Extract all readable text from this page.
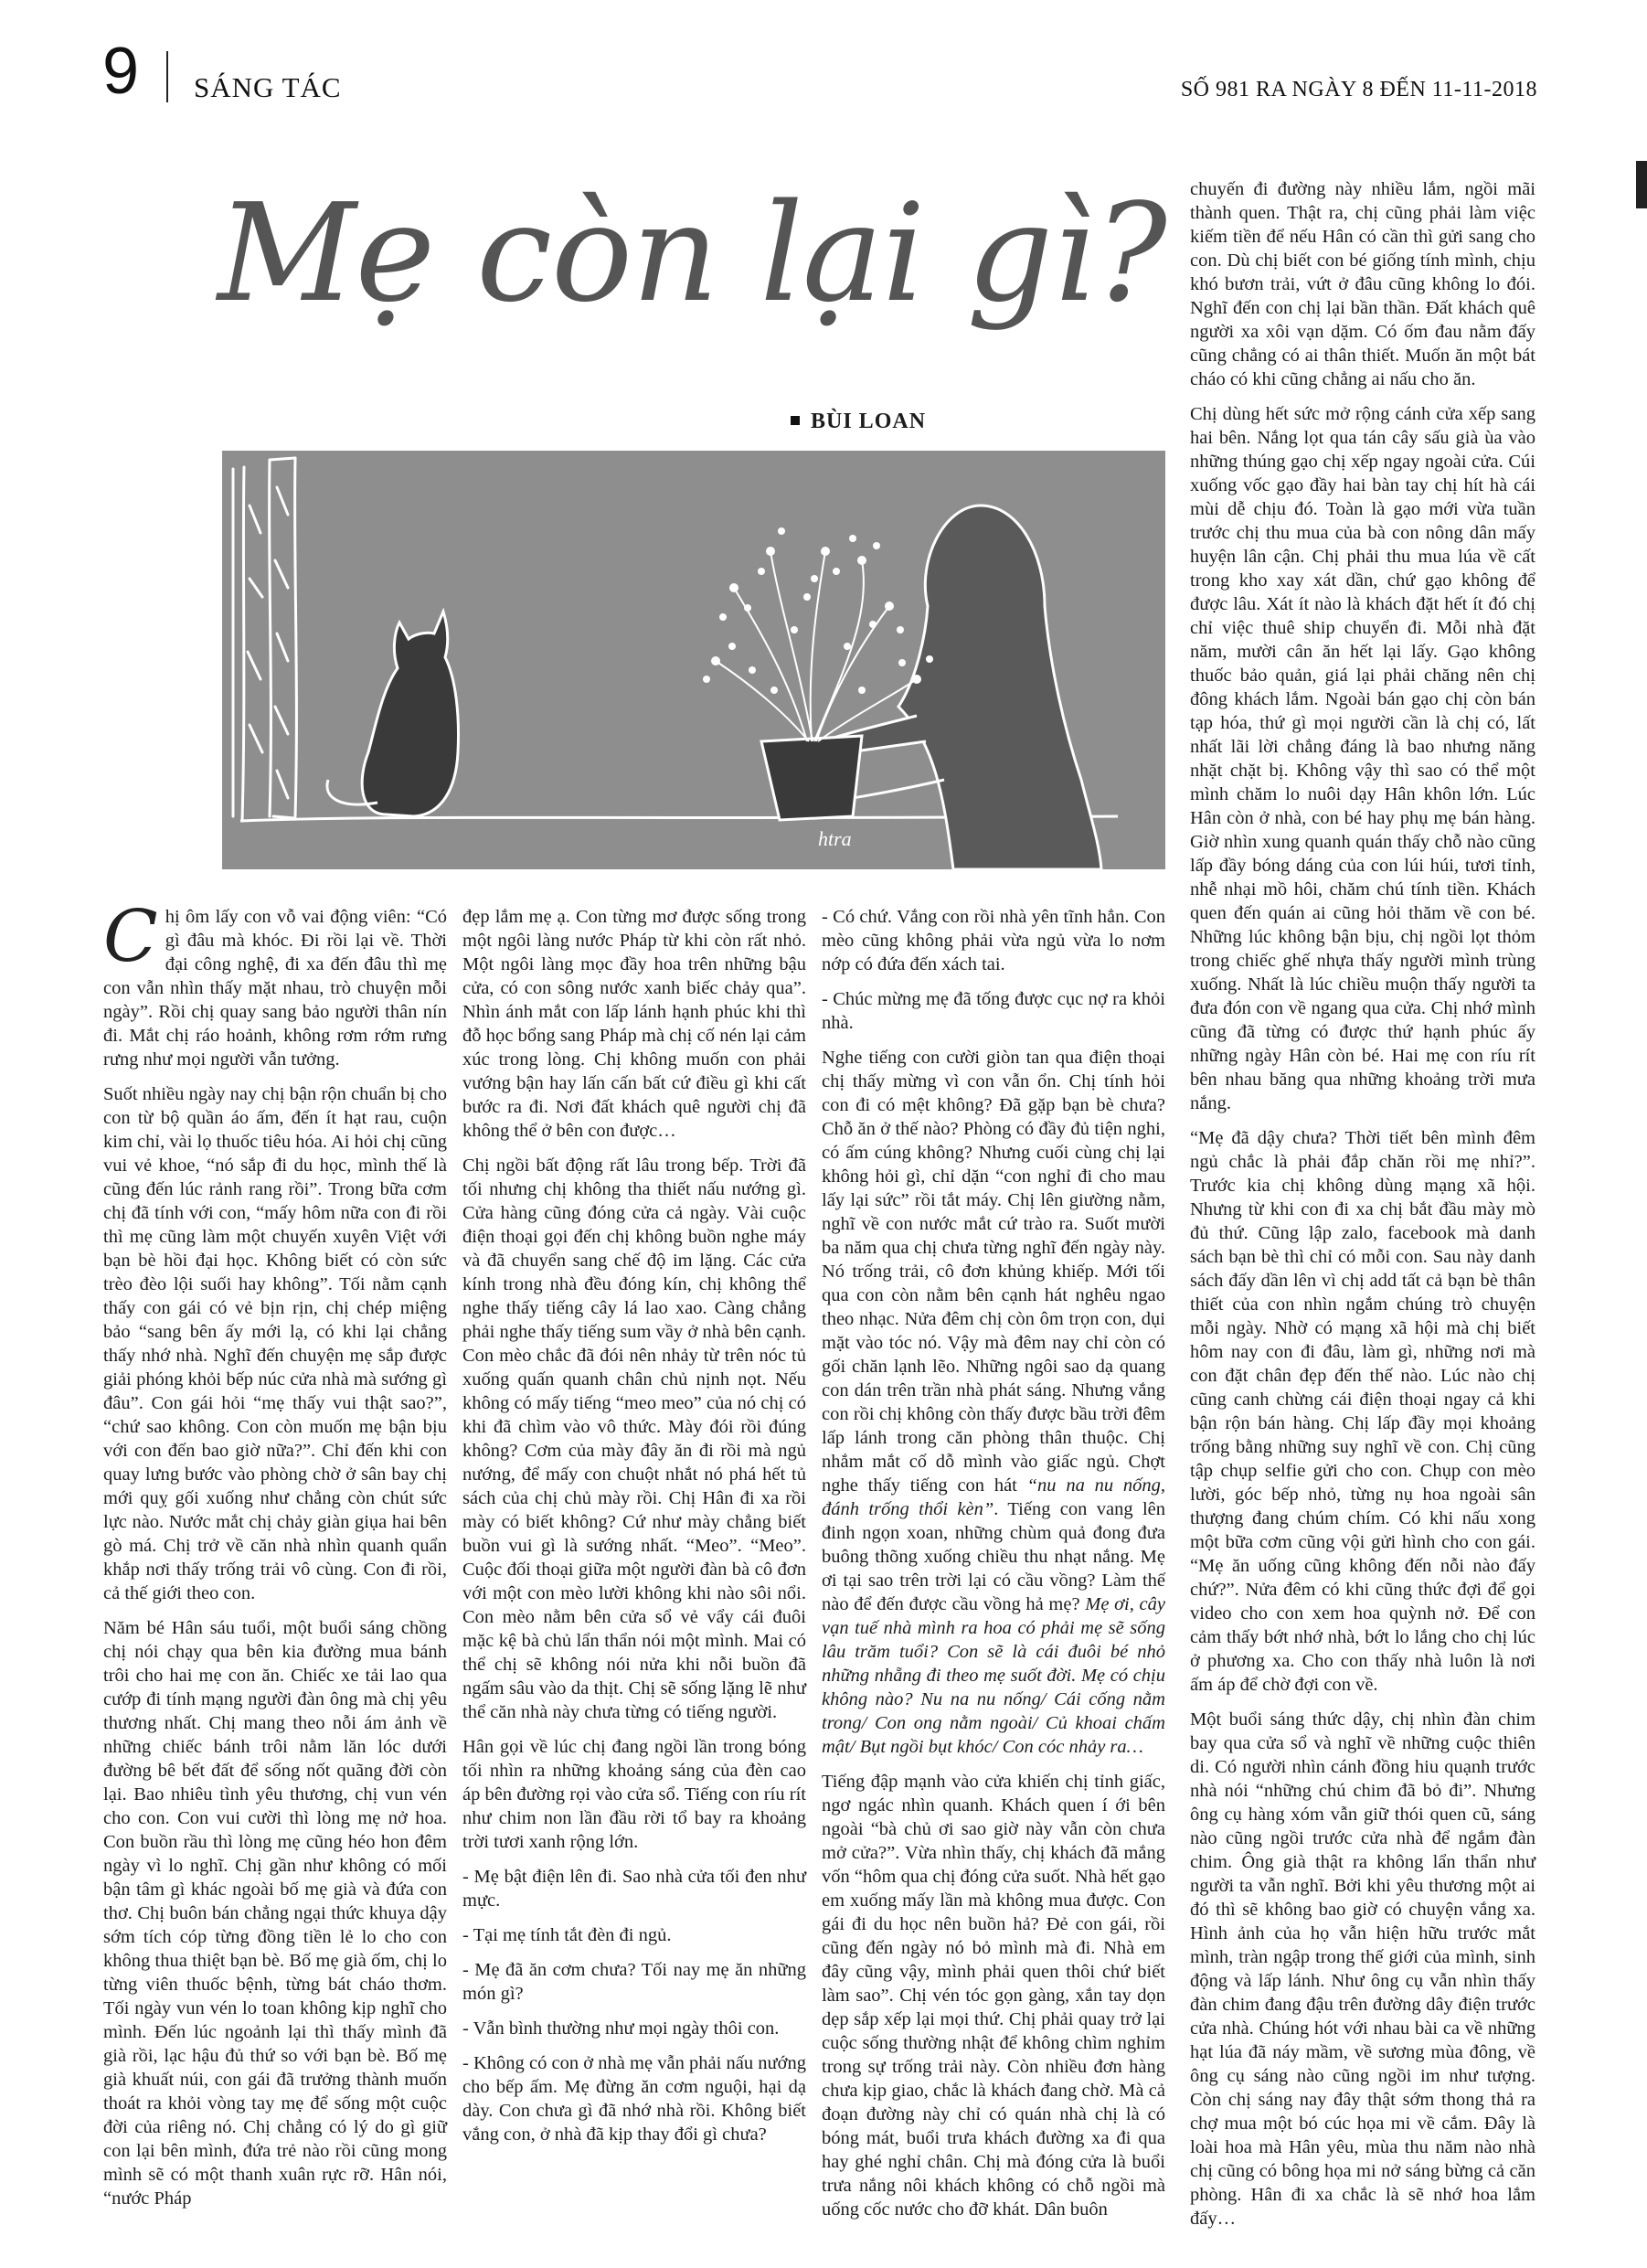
9 SÁNG TÁC	SỐ 981 RA NGÀY 8 ĐẾN 11-11-2018
Mẹ còn lại gì?
BÙI LOAN
htra

Chị ôm lấy con vỗ vai động viên: “Có gì đâu mà khóc. Đi rồi lại về. Thời đại công nghệ, đi xa đến đâu thì mẹ con vẫn nhìn thấy mặt nhau, trò chuyện mỗi ngày”. Rồi chị quay sang bảo người thân nín đi. Mắt chị ráo hoảnh, không rơm rớm rưng rưng như mọi người vẫn tưởng.

Suốt nhiều ngày nay chị bận rộn chuẩn bị cho con từ bộ quần áo ấm, đến ít hạt rau, cuộn kim chỉ, vài lọ thuốc tiêu hóa. Ai hỏi chị cũng vui vẻ khoe, “nó sắp đi du học, mình thế là cũng đến lúc rảnh rang rồi”. Trong bữa cơm chị đã tính với con, “mấy hôm nữa con đi rồi thì mẹ cũng làm một chuyến xuyên Việt với bạn bè hồi đại học. Không biết có còn sức trèo đèo lội suối hay không”. Tối nằm cạnh thấy con gái có vẻ bịn rịn, chị chép miệng bảo “sang bên ấy mới lạ, có khi lại chẳng thấy nhớ nhà. Nghĩ đến chuyện mẹ sắp được giải phóng khỏi bếp núc cửa nhà mà sướng gì đâu”. Con gái hỏi “mẹ thấy vui thật sao?”, “chứ sao không. Con còn muốn mẹ bận bịu với con đến bao giờ nữa?”. Chỉ đến khi con quay lưng bước vào phòng chờ ở sân bay chị mới quỵ gối xuống như chẳng còn chút sức lực nào. Nước mắt chị chảy giàn giụa hai bên gò má. Chị trở về căn nhà nhìn quanh quẩn khắp nơi thấy trống trải vô cùng. Con đi rồi, cả thế giới theo con.

Năm bé Hân sáu tuổi, một buổi sáng chồng chị nói chạy qua bên kia đường mua bánh trôi cho hai mẹ con ăn. Chiếc xe tải lao qua cướp đi tính mạng người đàn ông mà chị yêu thương nhất. Chị mang theo nỗi ám ảnh về những chiếc bánh trôi nằm lăn lóc dưới đường bê bết đất để sống nốt quãng đời còn lại. Bao nhiêu tình yêu thương, chị vun vén cho con. Con vui cười thì lòng mẹ nở hoa. Con buồn rầu thì lòng mẹ cũng héo hon đêm ngày vì lo nghĩ. Chị gần như không có mối bận tâm gì khác ngoài bố mẹ già và đứa con thơ. Chị buôn bán chẳng ngại thức khuya dậy sớm tích cóp từng đồng tiền lẻ lo cho con không thua thiệt bạn bè. Bố mẹ già ốm, chị lo từng viên thuốc bệnh, từng bát cháo thơm. Tối ngày vun vén lo toan không kịp nghĩ cho mình. Đến lúc ngoảnh lại thì thấy mình đã già rồi, lạc hậu đủ thứ so với bạn bè. Bố mẹ già khuất núi, con gái đã trưởng thành muốn thoát ra khỏi vòng tay mẹ để sống một cuộc đời của riêng nó. Chị chẳng có lý do gì giữ con lại bên mình, đứa trẻ nào rồi cũng mong mình sẽ có một thanh xuân rực rỡ. Hân nói, “nước Pháp

đẹp lắm mẹ ạ. Con từng mơ được sống trong một ngôi làng nước Pháp từ khi còn rất nhỏ. Một ngôi làng mọc đầy hoa trên những bậu cửa, có con sông nước xanh biếc chảy qua”. Nhìn ánh mắt con lấp lánh hạnh phúc khi thì đỗ học bổng sang Pháp mà chị cố nén lại cảm xúc trong lòng. Chị không muốn con phải vướng bận hay lấn cấn bất cứ điều gì khi cất bước ra đi. Nơi đất khách quê người chị đã không thể ở bên con được…

Chị ngồi bất động rất lâu trong bếp. Trời đã tối nhưng chị không tha thiết nấu nướng gì. Cửa hàng cũng đóng cửa cả ngày. Vài cuộc điện thoại gọi đến chị không buồn nghe máy và đã chuyển sang chế độ im lặng. Các cửa kính trong nhà đều đóng kín, chị không thể nghe thấy tiếng cây lá lao xao. Càng chẳng phải nghe thấy tiếng sum vầy ở nhà bên cạnh. Con mèo chắc đã đói nên nhảy từ trên nóc tủ xuống quấn quanh chân chủ nịnh nọt. Nếu không có mấy tiếng “meo meo” của nó chị có khi đã chìm vào vô thức. Mày đói rồi đúng không? Cơm của mày đây ăn đi rồi mà ngủ nướng, để mấy con chuột nhắt nó phá hết tủ sách của chị chủ mày rồi. Chị Hân đi xa rồi mày có biết không? Cứ như mày chẳng biết buồn vui gì là sướng nhất. “Meo”. “Meo”. Cuộc đối thoại giữa một người đàn bà cô đơn với một con mèo lười không khi nào sôi nổi. Con mèo nằm bên cửa sổ vẻ vẩy cái đuôi mặc kệ bà chủ lẩn thẩn nói một mình. Mai có thể chị sẽ không nói nửa khi nỗi buồn đã ngấm sâu vào da thịt. Chị sẽ sống lặng lẽ như thể căn nhà này chưa từng có tiếng người.

Hân gọi về lúc chị đang ngồi lần trong bóng tối nhìn ra những khoảng sáng của đèn cao áp bên đường rọi vào cửa sổ. Tiếng con ríu rít như chim non lần đầu rời tổ bay ra khoảng trời tươi xanh rộng lớn.

- Mẹ bật điện lên đi. Sao nhà cửa tối đen như mực.

- Tại mẹ tính tắt đèn đi ngủ.

- Mẹ đã ăn cơm chưa? Tối nay mẹ ăn những món gì?

- Vẫn bình thường như mọi ngày thôi con.

- Không có con ở nhà mẹ vẫn phải nấu nướng cho bếp ấm. Mẹ đừng ăn cơm nguội, hại dạ dày. Con chưa gì đã nhớ nhà rồi. Không biết vắng con, ở nhà đã kịp thay đổi gì chưa?

- Có chứ. Vắng con rồi nhà yên tĩnh hẳn. Con mèo cũng không phải vừa ngủ vừa lo nơm nớp có đứa đến xách tai.

- Chúc mừng mẹ đã tống được cục nợ ra khỏi nhà.

Nghe tiếng con cười giòn tan qua điện thoại chị thấy mừng vì con vẫn ổn. Chị tính hỏi con đi có mệt không? Đã gặp bạn bè chưa? Chỗ ăn ở thế nào? Phòng có đầy đủ tiện nghi, có ấm cúng không? Nhưng cuối cùng chị lại không hỏi gì, chỉ dặn “con nghỉ đi cho mau lấy lại sức” rồi tắt máy. Chị lên giường nằm, nghĩ về con nước mắt cứ trào ra. Suốt mười ba năm qua chị chưa từng nghĩ đến ngày này. Nó trống trải, cô đơn khủng khiếp. Mới tối qua con còn nằm bên cạnh hát nghêu ngao theo nhạc. Nửa đêm chị còn ôm trọn con, dụi mặt vào tóc nó. Vậy mà đêm nay chỉ còn có gối chăn lạnh lẽo. Những ngôi sao dạ quang con dán trên trần nhà phát sáng. Nhưng vắng con rồi chị không còn thấy được bầu trời đêm lấp lánh trong căn phòng thân thuộc. Chị nhắm mắt cố dỗ mình vào giấc ngủ. Chợt nghe thấy tiếng con hát “nu na nu nống, đánh trống thổi kèn”. Tiếng con vang lên đinh ngọn xoan, những chùm quả đong đưa buông thõng xuống chiều thu nhạt nắng. Mẹ ơi tại sao trên trời lại có cầu vồng? Làm thế nào để đến được cầu vồng hả mẹ? Mẹ ơi, cây vạn tuế nhà mình ra hoa có phải mẹ sẽ sống lâu trăm tuổi? Con sẽ là cái đuôi bé nhỏ những nhẵng đi theo mẹ suốt đời. Mẹ có chịu không nào? Nu na nu nống/ Cái cống nằm trong/ Con ong nằm ngoài/ Củ khoai chấm mật/ Bụt ngồi bụt khóc/ Con cóc nhảy ra…

Tiếng đập mạnh vào cửa khiến chị tỉnh giấc, ngơ ngác nhìn quanh. Khách quen í ới bên ngoài “bà chủ ơi sao giờ này vẫn còn chưa mở cửa?”. Vừa nhìn thấy, chị khách đã mắng vốn “hôm qua chị đóng cửa suốt. Nhà hết gạo em xuống mấy lần mà không mua được. Con gái đi du học nên buồn hả? Đẻ con gái, rồi cũng đến ngày nó bỏ mình mà đi. Nhà em đây cũng vậy, mình phải quen thôi chứ biết làm sao”. Chị vén tóc gọn gàng, xắn tay dọn dẹp sắp xếp lại mọi thứ. Chị phải quay trở lại cuộc sống thường nhật để không chìm nghỉm trong sự trống trải này. Còn nhiều đơn hàng chưa kịp giao, chắc là khách đang chờ. Mà cả đoạn đường này chỉ có quán nhà chị là có bóng mát, buổi trưa khách đường xa đi qua hay ghé nghỉ chân. Chị mà đóng cửa là buổi trưa nắng nôi khách không có chỗ ngồi mà uống cốc nước cho đỡ khát. Dân buôn

chuyến đi đường này nhiều lắm, ngồi mãi thành quen. Thật ra, chị cũng phải làm việc kiếm tiền để nếu Hân có cần thì gửi sang cho con. Dù chị biết con bé giống tính mình, chịu khó bươn trải, vứt ở đâu cũng không lo đói. Nghĩ đến con chị lại bần thần. Đất khách quê người xa xôi vạn dặm. Có ốm đau nằm đấy cũng chẳng có ai thân thiết. Muốn ăn một bát cháo có khi cũng chẳng ai nấu cho ăn.

Chị dùng hết sức mở rộng cánh cửa xếp sang hai bên. Nắng lọt qua tán cây sấu già ùa vào những thúng gạo chị xếp ngay ngoài cửa. Cúi xuống vốc gạo đầy hai bàn tay chị hít hà cái mùi dễ chịu đó. Toàn là gạo mới vừa tuần trước chị thu mua của bà con nông dân mấy huyện lân cận. Chị phải thu mua lúa về cất trong kho xay xát dần, chứ gạo không để được lâu. Xát ít nào là khách đặt hết ít đó chị chỉ việc thuê ship chuyển đi. Mỗi nhà đặt năm, mười cân ăn hết lại lấy. Gạo không thuốc bảo quản, giá lại phải chăng nên chị đông khách lắm. Ngoài bán gạo chị còn bán tạp hóa, thứ gì mọi người cần là chị có, lất nhất lãi lời chẳng đáng là bao nhưng năng nhặt chặt bị. Không vậy thì sao có thể một mình chăm lo nuôi dạy Hân khôn lớn. Lúc Hân còn ở nhà, con bé hay phụ mẹ bán hàng. Giờ nhìn xung quanh quán thấy chỗ nào cũng lấp đầy bóng dáng của con lúi húi, tươi tỉnh, nhễ nhại mồ hôi, chăm chú tính tiền. Khách quen đến quán ai cũng hỏi thăm về con bé. Những lúc không bận bịu, chị ngồi lọt thỏm trong chiếc ghế nhựa thấy người mình trùng xuống. Nhất là lúc chiều muộn thấy người ta đưa đón con về ngang qua cửa. Chị nhớ mình cũng đã từng có được thứ hạnh phúc ấy những ngày Hân còn bé. Hai mẹ con ríu rít bên nhau băng qua những khoảng trời mưa nắng.

“Mẹ đã dậy chưa? Thời tiết bên mình đêm ngủ chắc là phải đắp chăn rồi mẹ nhỉ?”. Trước kia chị không dùng mạng xã hội. Nhưng từ khi con đi xa chị bắt đầu mày mò đủ thứ. Cũng lập zalo, facebook mà danh sách bạn bè thì chỉ có mỗi con. Sau này danh sách đấy dần lên vì chị add tất cả bạn bè thân thiết của con nhìn ngắm chúng trò chuyện mỗi ngày. Nhờ có mạng xã hội mà chị biết hôm nay con đi đâu, làm gì, những nơi mà con đặt chân đẹp đến thế nào. Lúc nào chị cũng canh chừng cái điện thoại ngay cả khi bận rộn bán hàng. Chị lấp đầy mọi khoảng trống bằng những suy nghĩ về con. Chị cũng tập chụp selfie gửi cho con. Chụp con mèo lười, góc bếp nhỏ, từng nụ hoa ngoài sân thượng đang chúm chím. Có khi nấu xong một bữa cơm cũng vội gửi hình cho con gái. “Mẹ ăn uống cũng không đến nỗi nào đấy chứ?”. Nửa đêm có khi cũng thức đợi để gọi video cho con xem hoa quỳnh nở. Để con cảm thấy bớt nhớ nhà, bớt lo lắng cho chị lúc ở phương xa. Cho con thấy nhà luôn là nơi ấm áp để chờ đợi con về.

Một buổi sáng thức dậy, chị nhìn đàn chim bay qua cửa sổ và nghĩ về những cuộc thiên di. Có người nhìn cánh đồng hiu quạnh trước nhà nói “những chú chim đã bỏ đi”. Nhưng ông cụ hàng xóm vẫn giữ thói quen cũ, sáng nào cũng ngồi trước cửa nhà để ngắm đàn chim. Ông già thật ra không lẩn thẩn như người ta vẫn nghĩ. Bởi khi yêu thương một ai đó thì sẽ không bao giờ có chuyện vắng xa. Hình ảnh của họ vẫn hiện hữu trước mắt mình, tràn ngập trong thế giới của mình, sinh động và lấp lánh. Như ông cụ vẫn nhìn thấy đàn chim đang đậu trên đường dây điện trước cửa nhà. Chúng hót với nhau bài ca về những hạt lúa đã náy mầm, về sương mùa đông, về ông cụ sáng nào cũng ngồi im như tượng. Còn chị sáng nay đây thật sớm thong thả ra chợ mua một bó cúc họa mi về cắm. Đây là loài hoa mà Hân yêu, mùa thu năm nào nhà chị cũng có bông họa mi nở sáng bừng cả căn phòng. Hân đi xa chắc là sẽ nhớ hoa lắm đấy…
